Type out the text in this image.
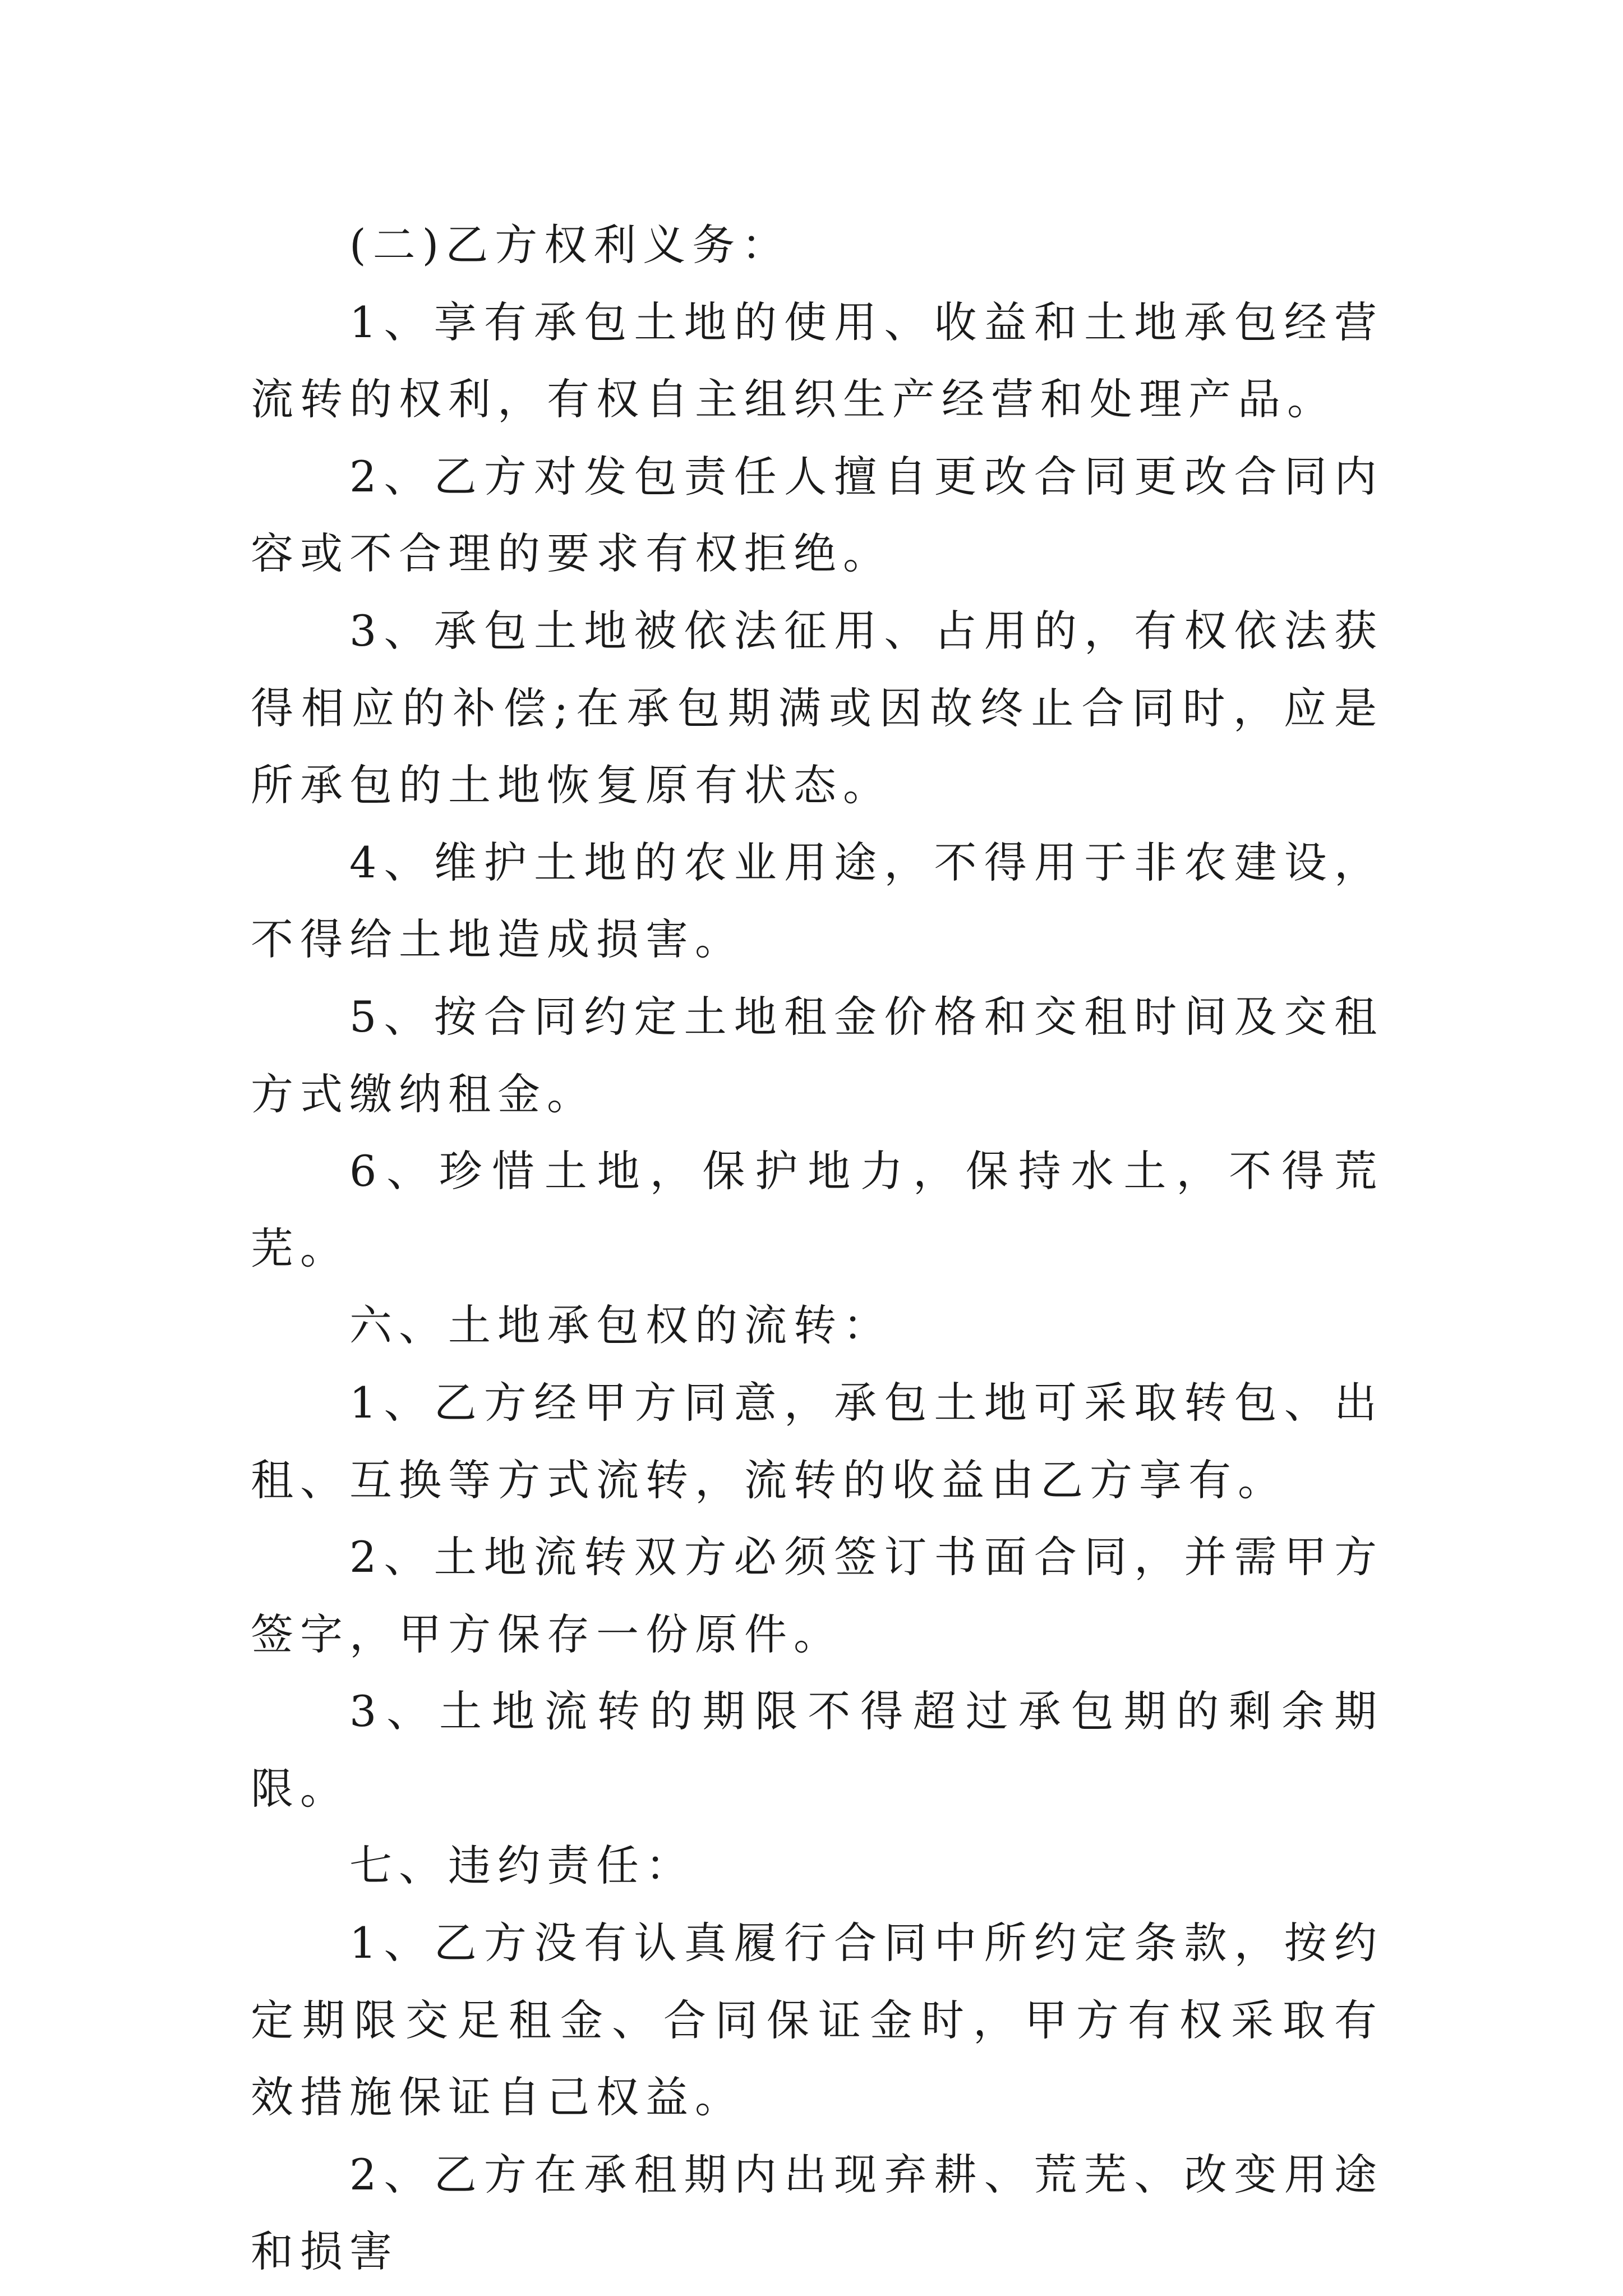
(二)乙方权利义务：

1、享有承包土地的使用、收益和土地承包经营流转的权利，有权自主组织生产经营和处理产品。

2、乙方对发包责任人擅自更改合同更改合同内容或不合理的要求有权拒绝。

3、承包土地被依法征用、占用的，有权依法获得相应的补偿;在承包期满或因故终止合同时，应是所承包的土地恢复原有状态。

4、维护土地的农业用途，不得用于非农建设，不得给土地造成损害。

5、按合同约定土地租金价格和交租时间及交租方式缴纳租金。

6、珍惜土地，保护地力，保持水土，不得荒芜。

六、土地承包权的流转：

1、乙方经甲方同意，承包土地可采取转包、出租、互换等方式流转，流转的收益由乙方享有。

2、土地流转双方必须签订书面合同，并需甲方签字，甲方保存一份原件。

3、土地流转的期限不得超过承包期的剩余期限。

七、违约责任：

1、乙方没有认真履行合同中所约定条款，按约定期限交足租金、合同保证金时，甲方有权采取有效措施保证自己权益。

2、乙方在承租期内出现弃耕、荒芜、改变用途和损害
